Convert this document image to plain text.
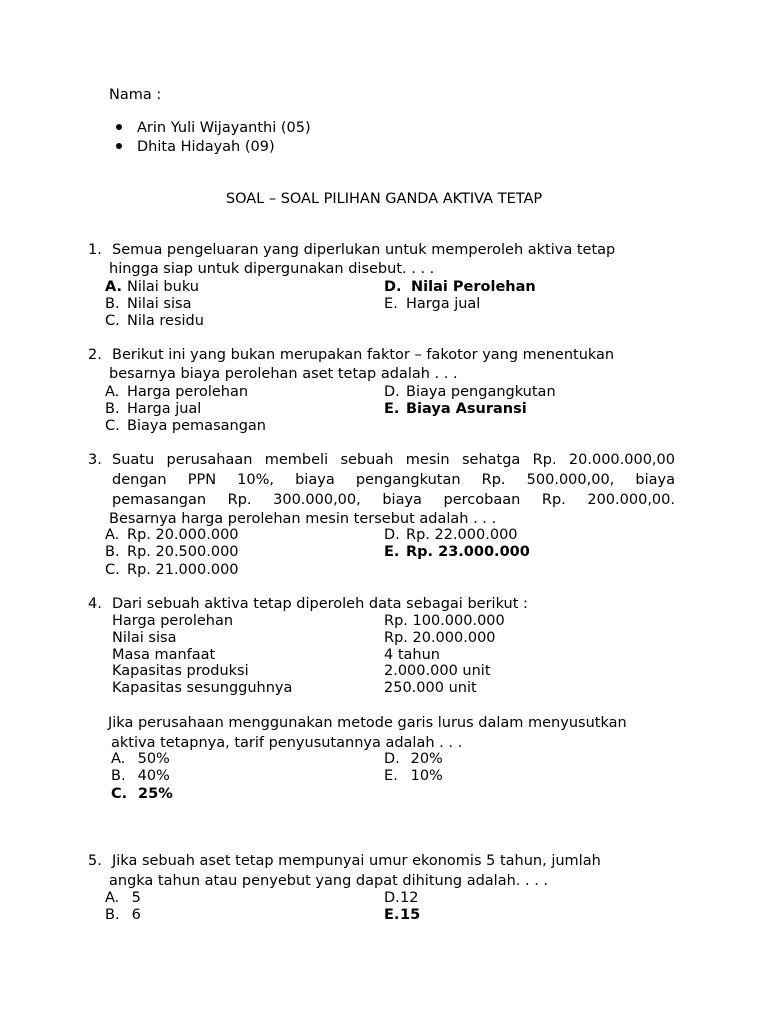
Nama :
Arin Yuli Wijayanthi (05)
Dhita Hidayah (09)
SOAL – SOAL PILIHAN GANDA AKTIVA TETAP
1. Semua pengeluaran yang diperlukan untuk memperoleh aktiva tetap
hingga siap untuk dipergunakan disebut. . . .
A. Nilai buku
B. Nilai sisa
C. Nila residu
D. Nilai Perolehan
E. Harga jual
2. Berikut ini yang bukan merupakan faktor – fakotor yang menentukan
besarnya biaya perolehan aset tetap adalah . . .
A. Harga perolehan
B. Harga jual
C. Biaya pemasangan
D. Biaya pengangkutan
E. Biaya Asuransi
3. Suatu perusahaan membeli sebuah mesin sehatga Rp. 20.000.000,00
dengan PPN 10%, biaya pengangkutan Rp. 500.000,00, biaya
pemasangan Rp. 300.000,00, biaya percobaan Rp. 200.000,00.
Besarnya harga perolehan mesin tersebut adalah . . .
A. Rp. 20.000.000
B. Rp. 20.500.000
C. Rp. 21.000.000
D. Rp. 22.000.000
E. Rp. 23.000.000
4. Dari sebuah aktiva tetap diperoleh data sebagai berikut :
Harga perolehan	Rp. 100.000.000
Nilai sisa	Rp. 20.000.000
Masa manfaat	4 tahun
Kapasitas produksi	2.000.000 unit
Kapasitas sesungguhnya	250.000 unit
Jika perusahaan menggunakan metode garis lurus dalam menyusutkan
aktiva tetapnya, tarif penyusutannya adalah . . .
A. 50%
B. 40%
C. 25%
D. 20%
E. 10%
5. Jika sebuah aset tetap mempunyai umur ekonomis 5 tahun, jumlah
angka tahun atau penyebut yang dapat dihitung adalah. . . .
A. 5
B. 6
D.12
E.15
